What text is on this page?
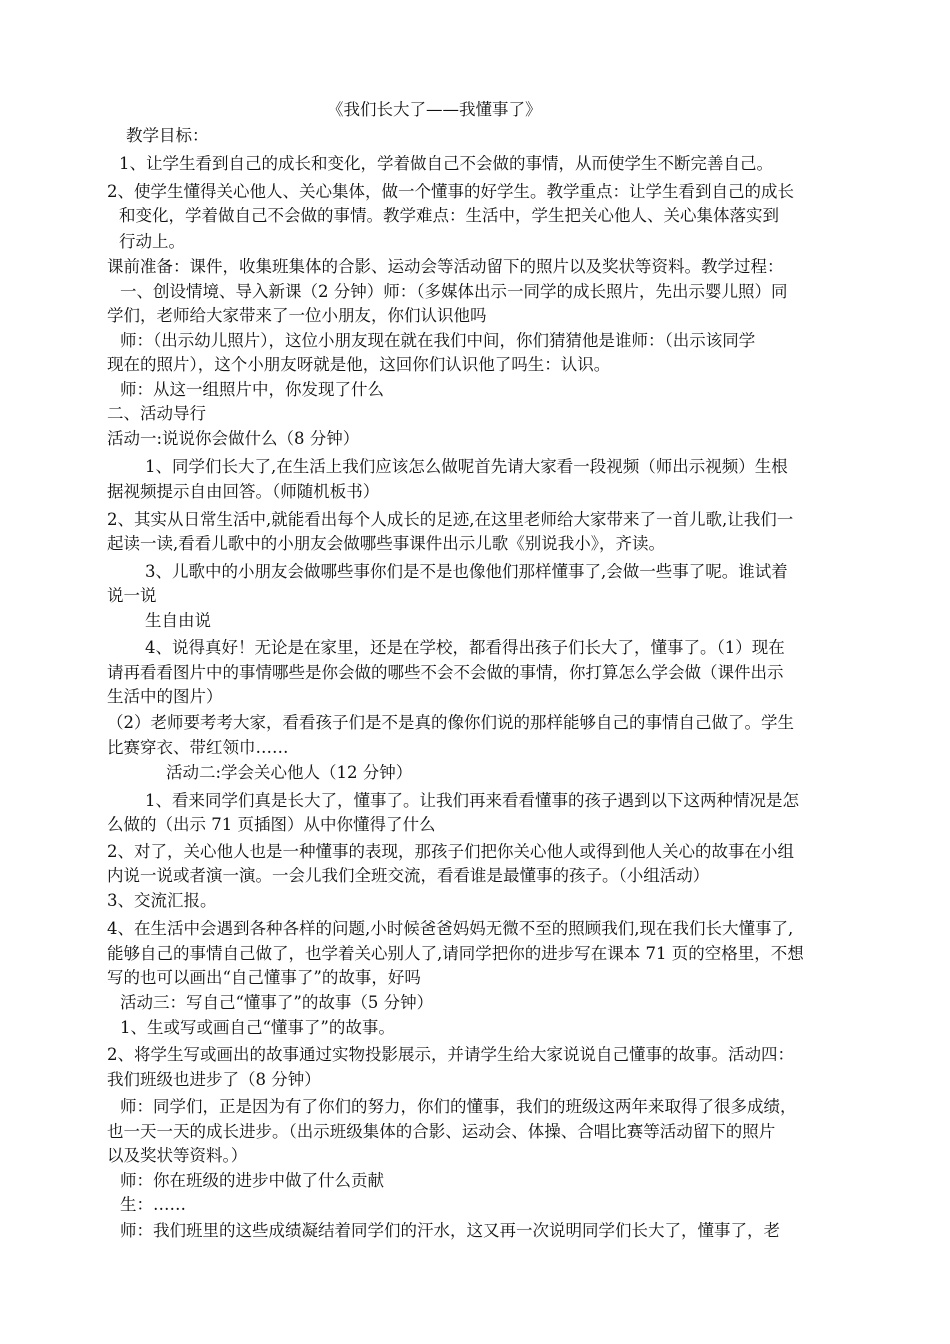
《我们长大了——我懂事了》
教学目标：
1、让学生看到自己的成长和变化，学着做自己不会做的事情，从而使学生不断完善自己。
2、使学生懂得关心他人、关心集体，做一个懂事的好学生。教学重点：让学生看到自己的成长
和变化，学着做自己不会做的事情。教学难点：生活中，学生把关心他人、关心集体落实到
行动上。
课前准备：课件，收集班集体的合影、运动会等活动留下的照片以及奖状等资料。教学过程：
一、创设情境、导入新课（2 分钟）师：（多媒体出示一同学的成长照片，先出示婴儿照）同
学们，老师给大家带来了一位小朋友，你们认识他吗
师：（出示幼儿照片），这位小朋友现在就在我们中间，你们猜猜他是谁师：（出示该同学
现在的照片），这个小朋友呀就是他，这回你们认识他了吗生：认识。
师：从这一组照片中，你发现了什么
二、活动导行
活动一:说说你会做什么（8 分钟）
1、同学们长大了,在生活上我们应该怎么做呢首先请大家看一段视频（师出示视频）生根
据视频提示自由回答。（师随机板书）
2、其实从日常生活中,就能看出每个人成长的足迹,在这里老师给大家带来了一首儿歌,让我们一
起读一读,看看儿歌中的小朋友会做哪些事课件出示儿歌《别说我小》，齐读。
3、儿歌中的小朋友会做哪些事你们是不是也像他们那样懂事了,会做一些事了呢。谁试着
说一说
生自由说
4、说得真好！无论是在家里，还是在学校，都看得出孩子们长大了，懂事了。（1）现在
请再看看图片中的事情哪些是你会做的哪些不会不会做的事情，你打算怎么学会做（课件出示
生活中的图片）
（2）老师要考考大家，看看孩子们是不是真的像你们说的那样能够自己的事情自己做了。学生
比赛穿衣、带红领巾……
活动二:学会关心他人（12 分钟）
1、看来同学们真是长大了，懂事了。让我们再来看看懂事的孩子遇到以下这两种情况是怎
么做的（出示 71 页插图）从中你懂得了什么
2、对了，关心他人也是一种懂事的表现，那孩子们把你关心他人或得到他人关心的故事在小组
内说一说或者演一演。一会儿我们全班交流，看看谁是最懂事的孩子。（小组活动）
3、交流汇报。
4、在生活中会遇到各种各样的问题,小时候爸爸妈妈无微不至的照顾我们,现在我们长大懂事了,
能够自己的事情自己做了，也学着关心别人了,请同学把你的进步写在课本 71 页的空格里，不想
写的也可以画出“自己懂事了”的故事，好吗
活动三：写自己“懂事了”的故事（5 分钟）
1、生或写或画自己“懂事了”的故事。
2、将学生写或画出的故事通过实物投影展示，并请学生给大家说说自己懂事的故事。活动四：
我们班级也进步了（8 分钟）
师：同学们，正是因为有了你们的努力，你们的懂事，我们的班级这两年来取得了很多成绩，
也一天一天的成长进步。（出示班级集体的合影、运动会、体操、合唱比赛等活动留下的照片
以及奖状等资料。）
师：你在班级的进步中做了什么贡献
生：……
师：我们班里的这些成绩凝结着同学们的汗水，这又再一次说明同学们长大了，懂事了，老
